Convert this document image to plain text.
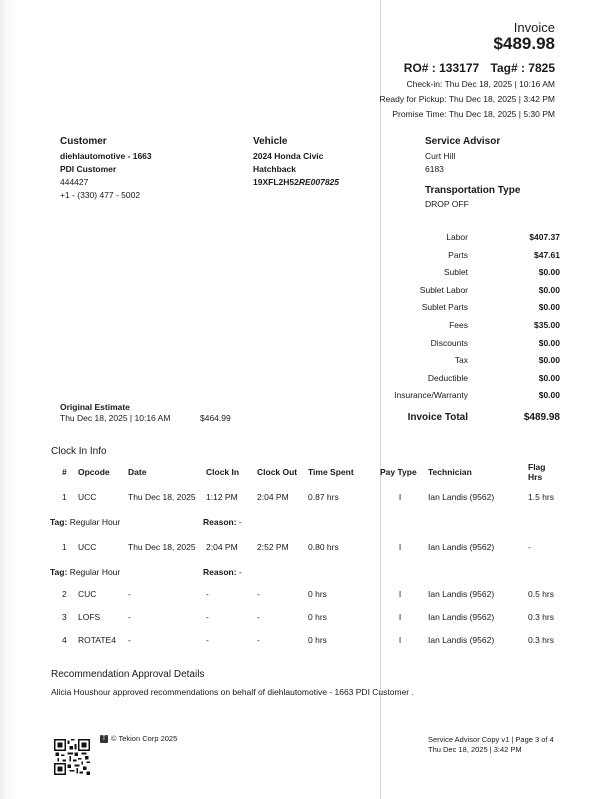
Invoice
$489.98
RO# : 133177 Tag# : 7825
Check-in: Thu Dec 18, 2025 | 10:16 AM
Ready for Pickup: Thu Dec 18, 2025 | 3:42 PM
Promise Time: Thu Dec 18, 2025 | 5:30 PM
Customer
diehlautomotive - 1663
PDI Customer
444427
+1 - (330) 477 - 5002
Vehicle
2024 Honda Civic
Hatchback
19XFL2H52RE007825
Service Advisor
Curt Hill
6183
Transportation Type
DROP OFF
Labor	$407.37
Parts	$47.61
Sublet	$0.00
Sublet Labor	$0.00
Sublet Parts	$0.00
Fees	$35.00
Discounts	$0.00
Tax	$0.00
Deductible	$0.00
Insurance/Warranty	$0.00
Invoice Total	$489.98
Original Estimate
Thu Dec 18, 2025 | 10:16 AM	$464.99
Clock In Info
#	Opcode	Date	Clock In	Clock Out	Time Spent	Pay Type	Technician	Flag Hrs
1	UCC	Thu Dec 18, 2025	1:12 PM	2:04 PM	0.87 hrs	I	Ian Landis (9562)	1.5 hrs
Tag: Regular Hour				Reason: -				
1	UCC	Thu Dec 18, 2025	2:04 PM	2:52 PM	0.80 hrs	I	Ian Landis (9562)	-
Tag: Regular Hour				Reason: -				
2	CUC	-	-	-	0 hrs	I	Ian Landis (9562)	0.5 hrs
3	LOFS	-	-	-	0 hrs	I	Ian Landis (9562)	0.3 hrs
4	ROTATE4	-	-	-	0 hrs	I	Ian Landis (9562)	0.3 hrs
Recommendation Approval Details
Alicia Houshour approved recommendations on behalf of diehlautomotive - 1663 PDI Customer .
T © Tekion Corp 2025	Service Advisor Copy v1 | Page 3 of 4
Thu Dec 18, 2025 | 3:42 PM
